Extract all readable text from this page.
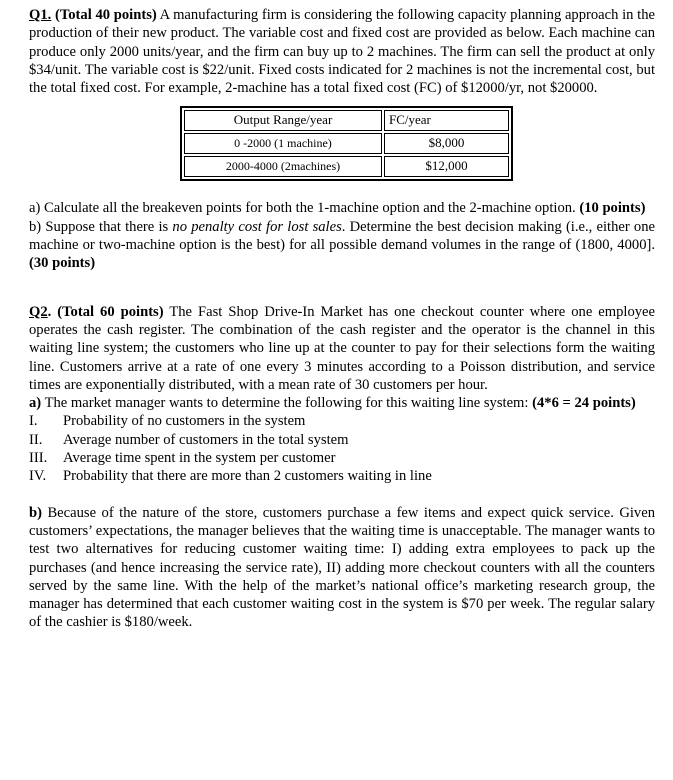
Q1. (Total 40 points) A manufacturing firm is considering the following capacity planning approach in the production of their new product. The variable cost and fixed cost are provided as below. Each machine can produce only 2000 units/year, and the firm can buy up to 2 machines. The firm can sell the product at only $34/unit. The variable cost is $22/unit. Fixed costs indicated for 2 machines is not the incremental cost, but the total fixed cost. For example, 2-machine has a total fixed cost (FC) of $12000/yr, not $20000.

Output Range/year	FC/year
0 -2000 (1 machine)	$8,000
2000-4000 (2machines)	$12,000

a) Calculate all the breakeven points for both the 1-machine option and the 2-machine option. (10 points)

b) Suppose that there is no penalty cost for lost sales. Determine the best decision making (i.e., either one machine or two-machine option is the best) for all possible demand volumes in the range of (1800, 4000]. (30 points)

Q2. (Total 60 points) The Fast Shop Drive-In Market has one checkout counter where one employee operates the cash register. The combination of the cash register and the operator is the channel in this waiting line system; the customers who line up at the counter to pay for their selections form the waiting line. Customers arrive at a rate of one every 3 minutes according to a Poisson distribution, and service times are exponentially distributed, with a mean rate of 30 customers per hour.

a) The market manager wants to determine the following for this waiting line system: (4*6 = 24 points)

I.	Probability of no customers in the system
II.	Average number of customers in the total system
III.	Average time spent in the system per customer
IV.	Probability that there are more than 2 customers waiting in line

b) Because of the nature of the store, customers purchase a few items and expect quick service. Given customers’ expectations, the manager believes that the waiting time is unacceptable. The manager wants to test two alternatives for reducing customer waiting time: I) adding extra employees to pack up the purchases (and hence increasing the service rate), II) adding more checkout counters with all the counters served by the same line. With the help of the market’s national office’s marketing research group, the manager has determined that each customer waiting cost in the system is $70 per week. The regular salary of the cashier is $180/week.
